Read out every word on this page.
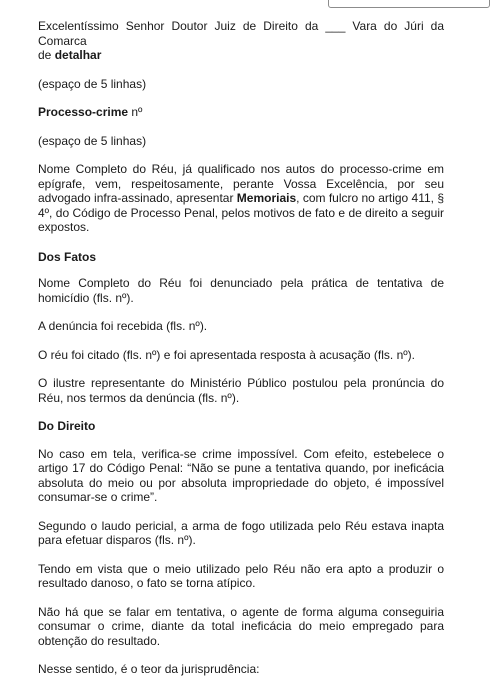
Excelentíssimo Senhor Doutor Juiz de Direito da ___ Vara do Júri da Comarca
de detalhar

(espaço de 5 linhas)

Processo-crime nº

(espaço de 5 linhas)

Nome Completo do Réu, já qualificado nos autos do processo-crime em epígrafe, vem, respeitosamente, perante Vossa Excelência, por seu advogado infra-assinado, apresentar Memoriais, com fulcro no artigo 411, § 4º, do Código de Processo Penal, pelos motivos de fato e de direito a seguir expostos.

Dos Fatos

Nome Completo do Réu foi denunciado pela prática de tentativa de homicídio (fls. nº).

A denúncia foi recebida (fls. nº).

O réu foi citado (fls. nº) e foi apresentada resposta à acusação (fls. nº).

O ilustre representante do Ministério Público postulou pela pronúncia do Réu, nos termos da denúncia (fls. nº).

Do Direito

No caso em tela, verifica-se crime impossível. Com efeito, estebelece o artigo 17 do Código Penal: “Não se pune a tentativa quando, por ineficácia absoluta do meio ou por absoluta impropriedade do objeto, é impossível consumar-se o crime”.

Segundo o laudo pericial, a arma de fogo utilizada pelo Réu estava inapta para efetuar disparos (fls. nº).

Tendo em vista que o meio utilizado pelo Réu não era apto a produzir o resultado danoso, o fato se torna atípico.

Não há que se falar em tentativa, o agente de forma alguma conseguiria consumar o crime, diante da total ineficácia do meio empregado para obtenção do resultado.

Nesse sentido, é o teor da jurisprudência:
